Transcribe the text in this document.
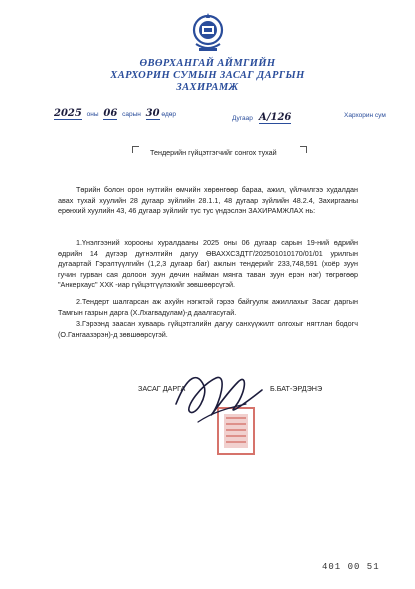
ӨВӨРХАНГАЙ АЙМГИЙН
ХАРХОРИН СУМЫН ЗАСАГ ДАРГЫН
ЗАХИРАМЖ
2025 оны 06 сарын 30 өдөр
Дугаар А/126	Хархорин сум
Тендерийн гүйцэтгэгчийг сонгох тухай
Төрийн болон орон нутгийн өмчийн хөрөнгөөр бараа, ажил, үйлчилгээ худалдан авах тухай хуулийн 28 дугаар зүйлийн 28.1.1, 48 дугаар зүйлийн 48.2.4, Захиргааны ерөнхий хуулийн 43, 46 дугаар зүйлийг тус тус үндэслэн ЗАХИРАМЖЛАХ нь:
1.Үнэлгээний хорооны хуралдааны 2025 оны 06 дугаар сарын 19-ний өдрийн өдрийн 14 дүгээр дугнэлтийн дагуу ӨВАХХСЗДТГ/202501010170/01/01 урилгын дугаартай Гэрэлтүүлгийн (1,2,3 дугаар баг) ажлын тендерийг 233,748,591 (хоёр зуун гучин гурван сая долоон зуун дөчин найман мянга таван зуун ерэн нэг) төгрөгөөр "Анкерхаус" ХХК -иар гүйцэтгүүлэхийг зөвшөөрсүгэй.
2.Тендерт шалгарсан аж ахуйн нэгжтэй гэрээ байгуулж ажиллахыг Засаг даргын Тамгын газрын дарга (Х.Лхагвадулам)-д даалгасугай.
3.Гэрээнд заасан хуваарь гүйцэтгэлийн дагуу санхүүжилт олгохыг нягтлан бодогч (О.Гангаазэрэн)-д зөвшөөрсүгэй.
ЗАСАГ ДАРГА	Б.БАТ-ЭРДЭНЭ
401 00 51
